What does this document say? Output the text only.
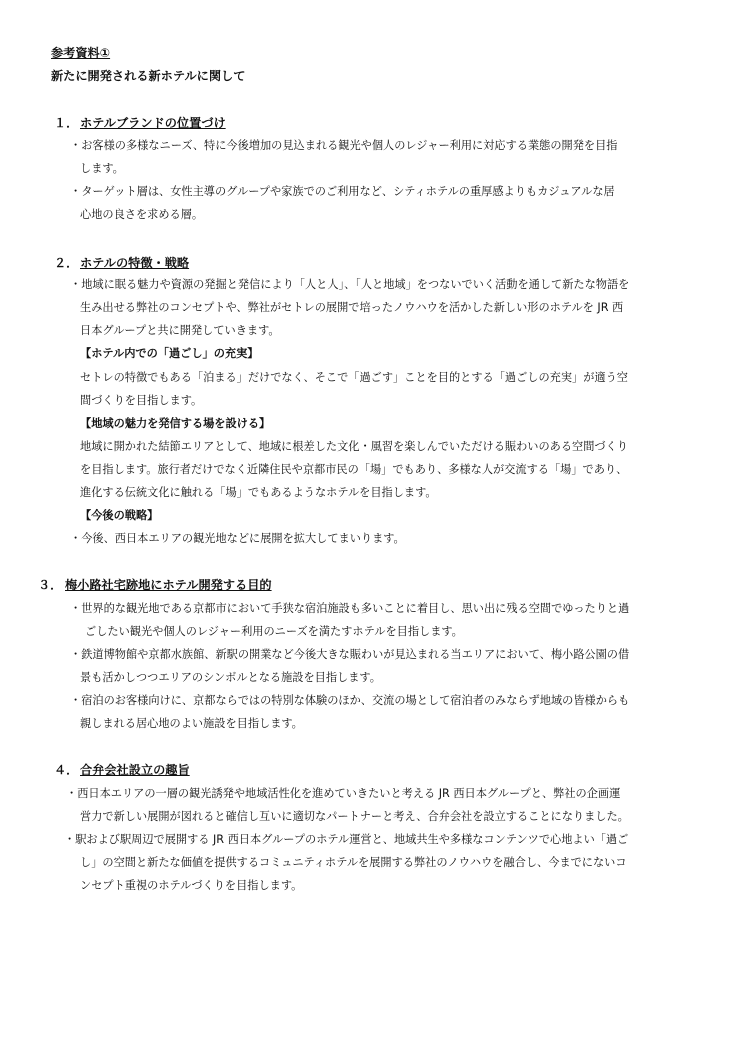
参考資料①
新たに開発される新ホテルに関して
１． ホテルブランドの位置づけ
・お客様の多様なニーズ、特に今後増加の見込まれる観光や個人のレジャー利用に対応する業態の開発を目指
します。
・ターゲット層は、女性主導のグループや家族でのご利用など、シティホテルの重厚感よりもカジュアルな居
心地の良さを求める層。
２． ホテルの特徴・戦略
・地域に眠る魅力や資源の発掘と発信により「人と人」、「人と地域」をつないでいく活動を通して新たな物語を
生み出せる弊社のコンセプトや、弊社がセトレの展開で培ったノウハウを活かした新しい形のホテルを JR 西
日本グループと共に開発していきます。
【ホテル内での「過ごし」の充実】
セトレの特徴でもある「泊まる」だけでなく、そこで「過ごす」ことを目的とする「過ごしの充実」が適う空
間づくりを目指します。
【地域の魅力を発信する場を設ける】
地域に開かれた結節エリアとして、地域に根差した文化・風習を楽しんでいただける賑わいのある空間づくり
を目指します。旅行者だけでなく近隣住民や京都市民の「場」でもあり、多様な人が交流する「場」であり、
進化する伝統文化に触れる「場」でもあるようなホテルを目指します。
【今後の戦略】
・今後、西日本エリアの観光地などに展開を拡大してまいります。
３． 梅小路社宅跡地にホテル開発する目的
・世界的な観光地である京都市において手狭な宿泊施設も多いことに着目し、思い出に残る空間でゆったりと過
ごしたい観光や個人のレジャー利用のニーズを満たすホテルを目指します。
・鉄道博物館や京都水族館、新駅の開業など今後大きな賑わいが見込まれる当エリアにおいて、梅小路公園の借
景も活かしつつエリアのシンボルとなる施設を目指します。
・宿泊のお客様向けに、京都ならではの特別な体験のほか、交流の場として宿泊者のみならず地域の皆様からも
親しまれる居心地のよい施設を目指します。
４． 合弁会社設立の趣旨
・西日本エリアの一層の観光誘発や地域活性化を進めていきたいと考える JR 西日本グループと、弊社の企画運
営力で新しい展開が図れると確信し互いに適切なパートナーと考え、合弁会社を設立することになりました。
・駅および駅周辺で展開する JR 西日本グループのホテル運営と、地域共生や多様なコンテンツで心地よい「過ご
し」の空間と新たな価値を提供するコミュニティホテルを展開する弊社のノウハウを融合し、今までにないコ
ンセプト重視のホテルづくりを目指します。
